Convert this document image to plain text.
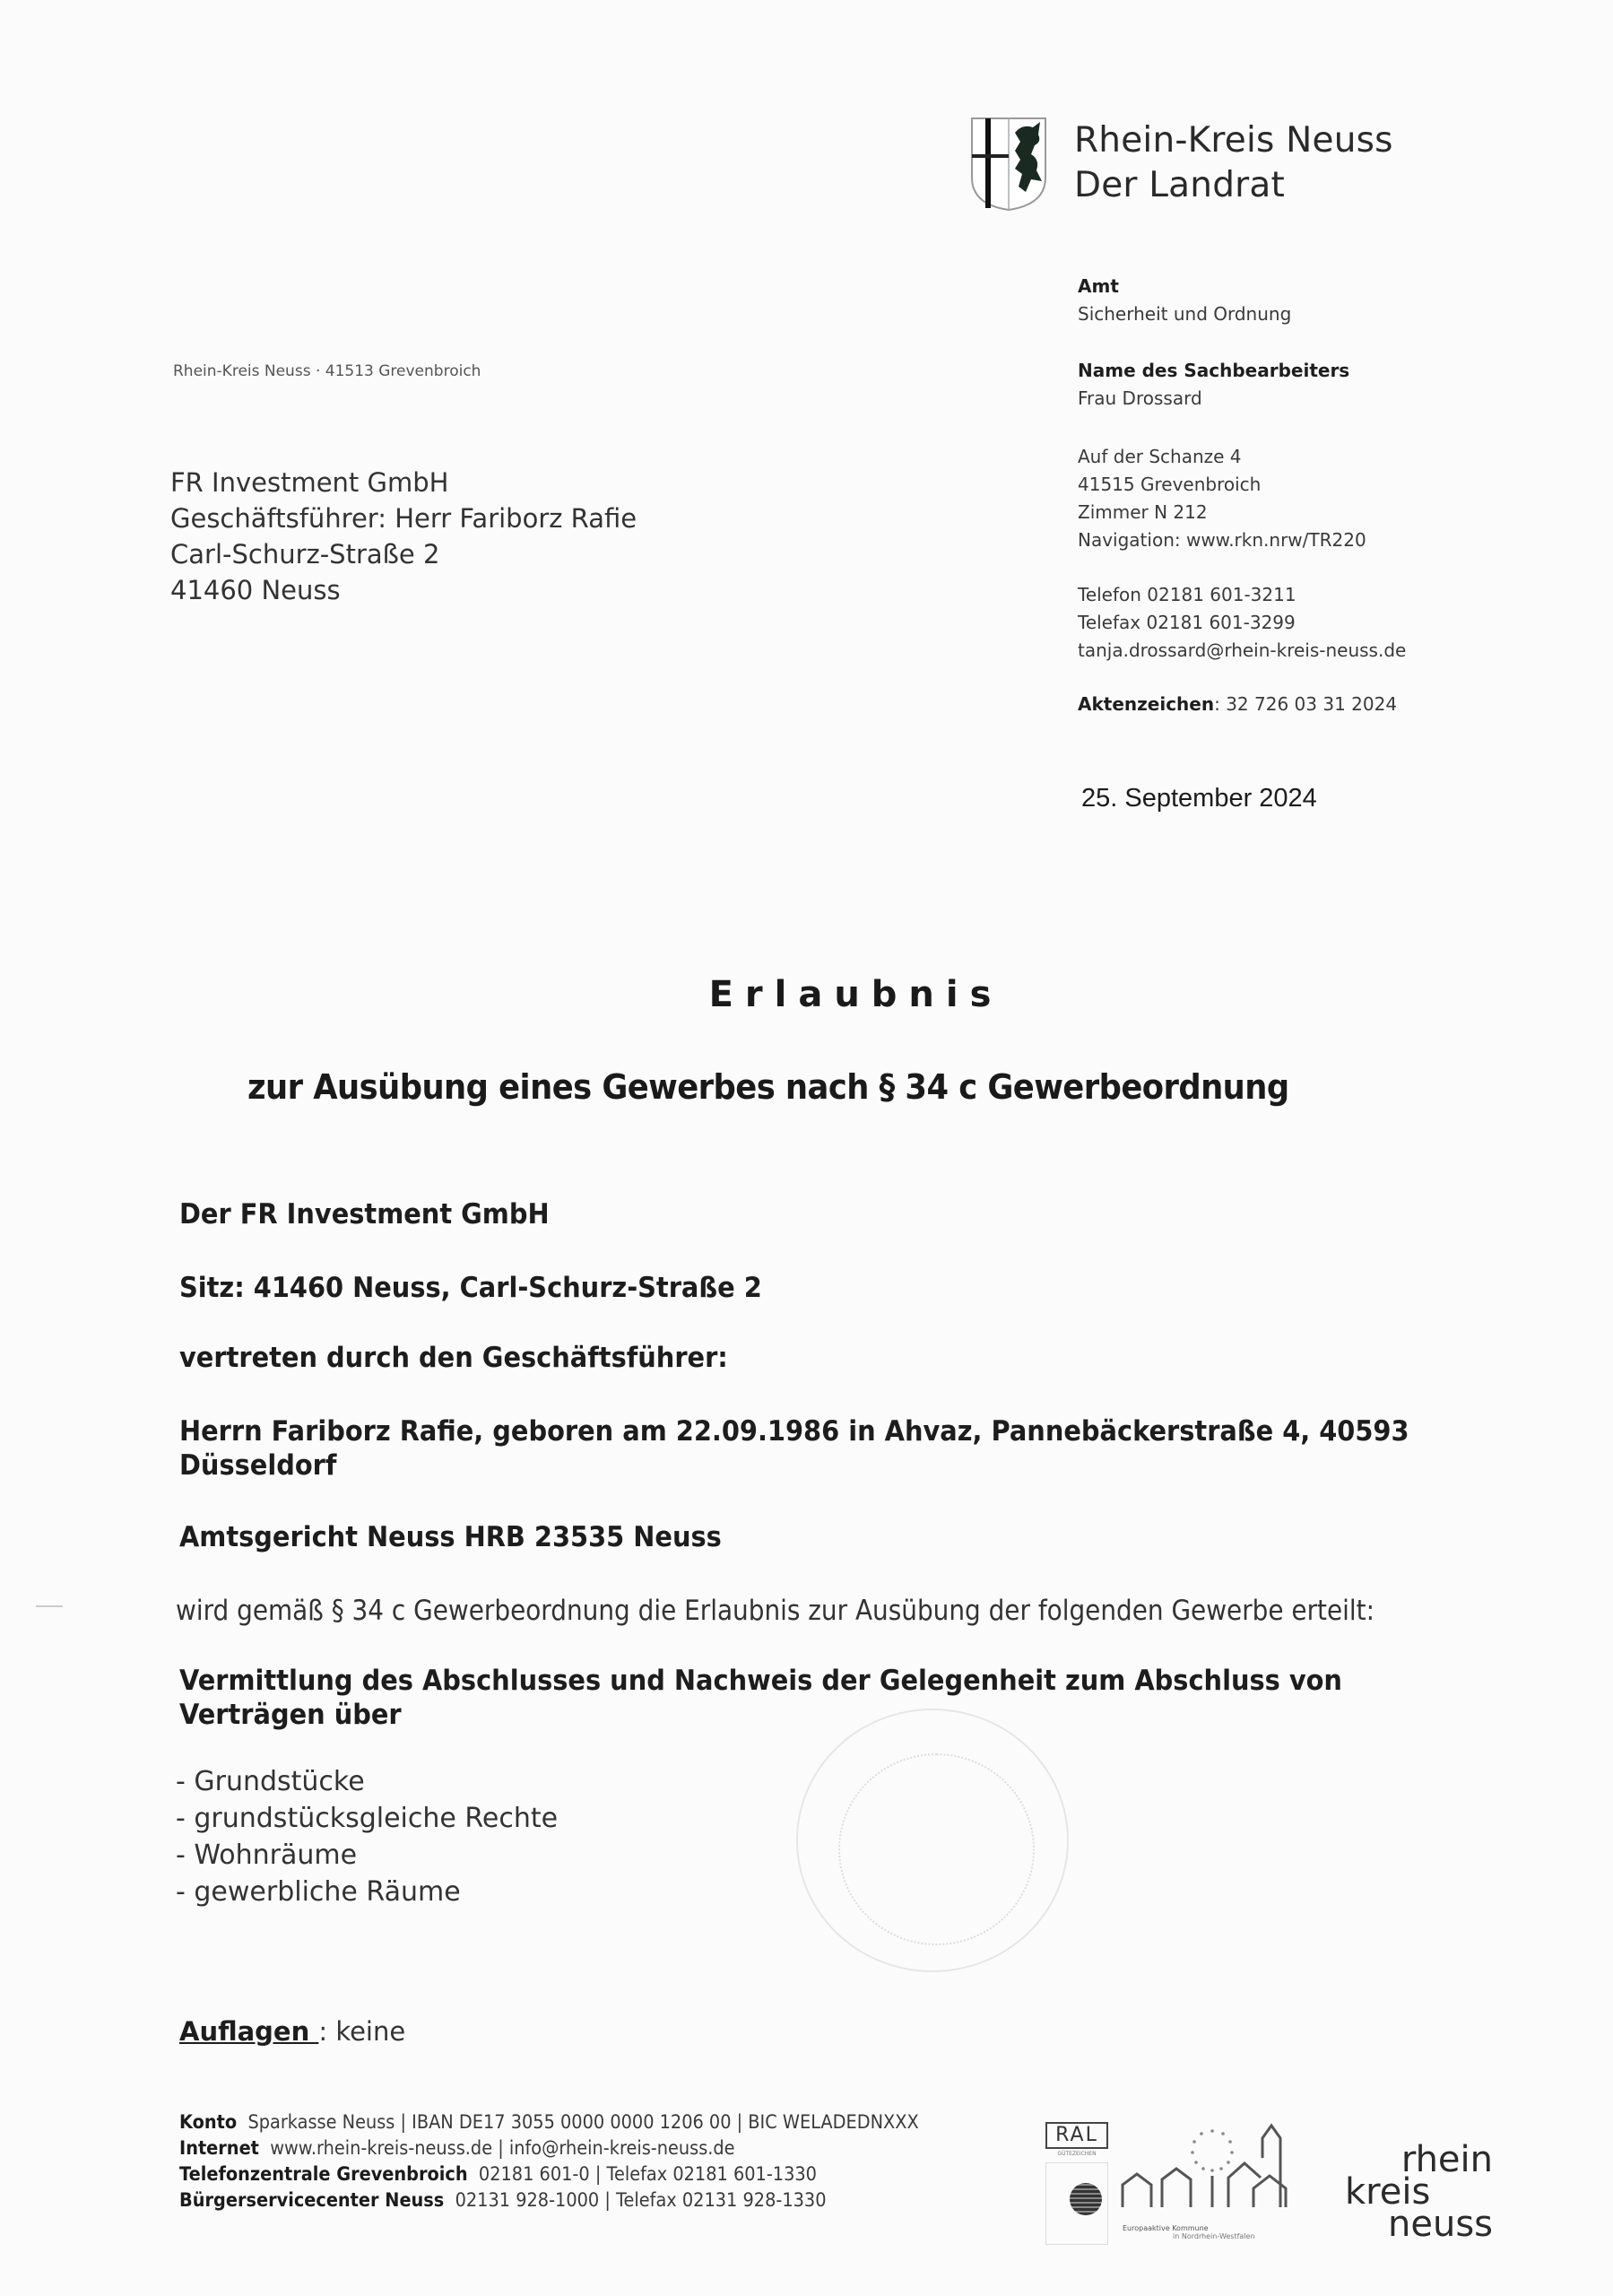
Rhein-Kreis Neuss
Der Landrat
Rhein-Kreis Neuss · 41513 Grevenbroich
FR Investment GmbH
Geschäftsführer: Herr Fariborz Rafie
Carl-Schurz-Straße 2
41460 Neuss
Amt
Sicherheit und Ordnung
Name des Sachbearbeiters
Frau Drossard
Auf der Schanze 4
41515 Grevenbroich
Zimmer N 212
Navigation: www.rkn.nrw/TR220
Telefon 02181 601-3211
Telefax 02181 601-3299
tanja.drossard@rhein-kreis-neuss.de
Aktenzeichen: 32 726 03 31 2024
25. September 2024
Erlaubnis
zur Ausübung eines Gewerbes nach § 34 c Gewerbeordnung
Der FR Investment GmbH
Sitz: 41460 Neuss, Carl-Schurz-Straße 2
vertreten durch den Geschäftsführer:
Herrn Fariborz Rafie, geboren am 22.09.1986 in Ahvaz, Pannebäckerstraße 4, 40593
Düsseldorf
Amtsgericht Neuss HRB 23535 Neuss
wird gemäß § 34 c Gewerbeordnung die Erlaubnis zur Ausübung der folgenden Gewerbe erteilt:
Vermittlung des Abschlusses und Nachweis der Gelegenheit zum Abschluss von
Verträgen über
- Grundstücke
- grundstücksgleiche Rechte
- Wohnräume
- gewerbliche Räume
Auflagen : keine
Konto Sparkasse Neuss | IBAN DE17 3055 0000 0000 1206 00 | BIC WELADEDNXXX
Internet www.rhein-kreis-neuss.de | info@rhein-kreis-neuss.de
Telefonzentrale Grevenbroich 02181 601-0 | Telefax 02181 601-1330
Bürgerservicecenter Neuss 02131 928-1000 | Telefax 02131 928-1330
RAL
GÜTEZEICHEN
Europaaktive Kommune
in Nordrhein-Westfalen
rhein
kreis
neuss
